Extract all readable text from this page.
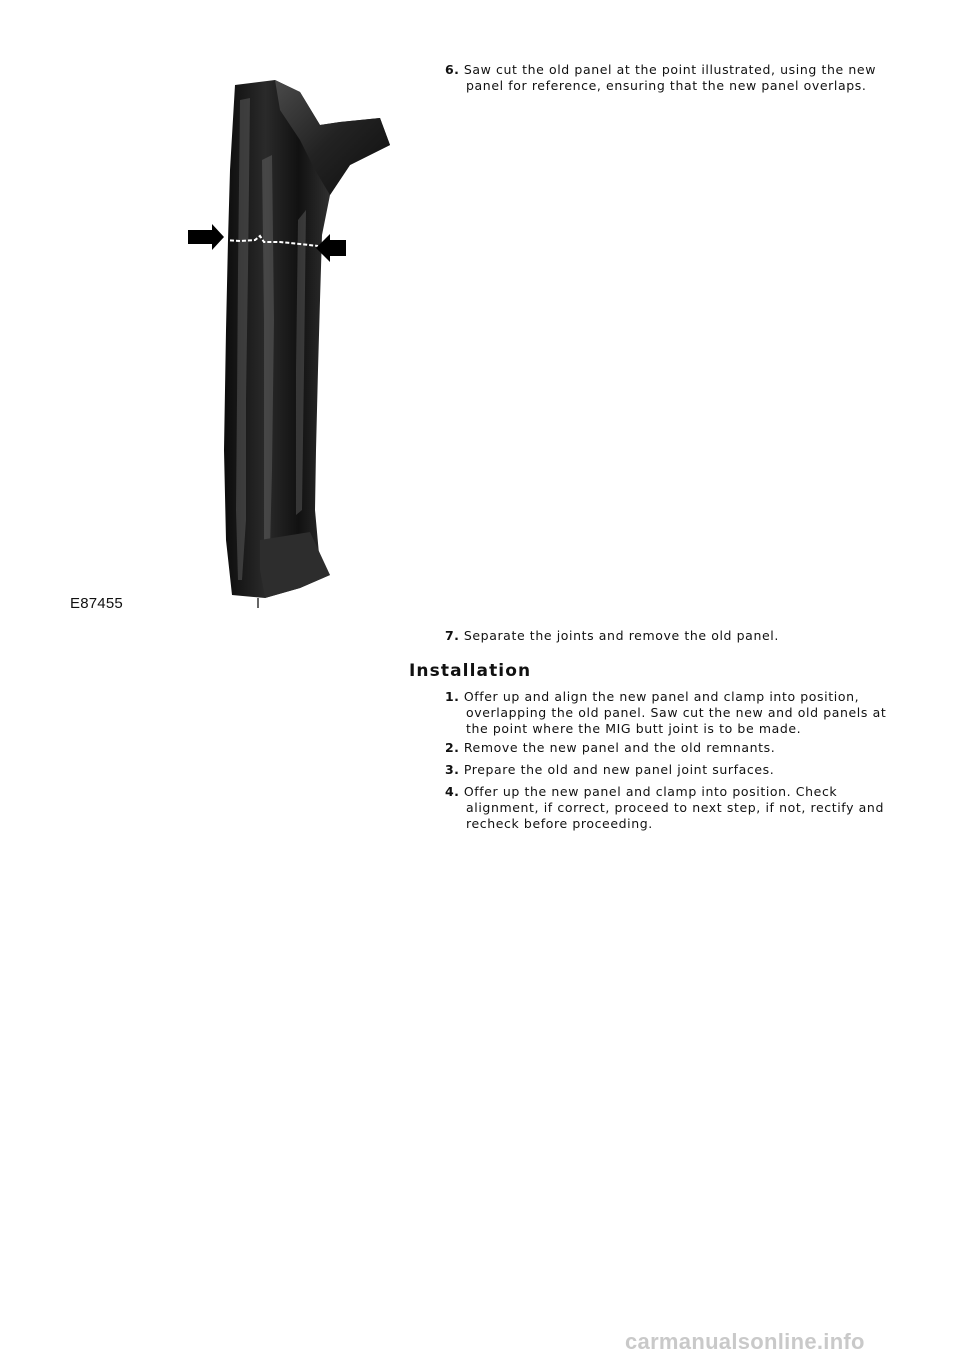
E87455
6. Saw cut the old panel at the point illustrated, using the new panel for reference, ensuring that the new panel overlaps.
7. Separate the joints and remove the old panel.
Installation
1. Offer up and align the new panel and clamp into position, overlapping the old panel. Saw cut the new and old panels at the point where the MIG butt joint is to be made.
2. Remove the new panel and the old remnants.
3. Prepare the old and new panel joint surfaces.
4. Offer up the new panel and clamp into position. Check alignment, if correct, proceed to next step, if not, rectify and recheck before proceeding.
carmanualsonline.info
